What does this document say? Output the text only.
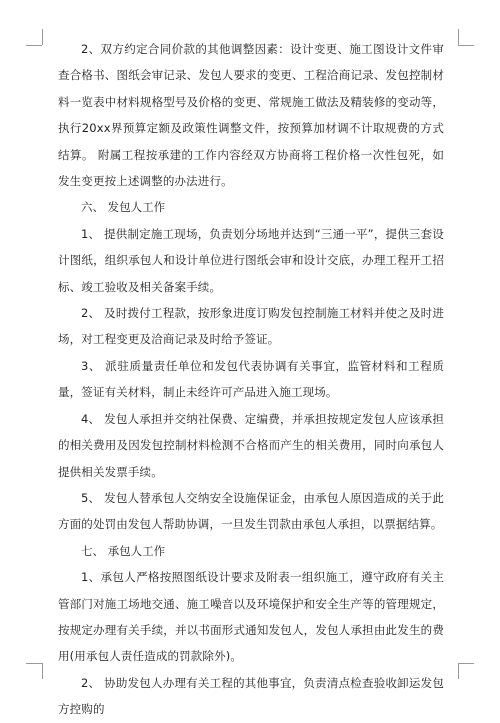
2、双方约定合同价款的其他调整因素：设计变更、施工图设计文件审查合格书、图纸会审记录、发包人要求的变更、工程洽商记录、发包控制材料一览表中材料规格型号及价格的变更、常规施工做法及精装修的变动等，执行20xx界预算定额及政策性调整文件，按预算加材调不计取规费的方式结算。 附属工程按承建的工作内容经双方协商将工程价格一次性包死，如发生变更按上述调整的办法进行。

六、 发包人工作

1、 提供制定施工现场，负责划分场地并达到“三通一平”，提供三套设计图纸，组织承包人和设计单位进行图纸会审和设计交底，办理工程开工招标、竣工验收及相关备案手续。

2、 及时拨付工程款，按形象进度订购发包控制施工材料并使之及时进场，对工程变更及洽商记录及时给予签证。

3、 派驻质量责任单位和发包代表协调有关事宜，监管材料和工程质量，签证有关材料，制止未经许可产品进入施工现场。

4、 发包人承担并交纳社保费、定编费，并承担按规定发包人应该承担的相关费用及因发包控制材料检测不合格而产生的相关费用，同时向承包人提供相关发票手续。

5、 发包人替承包人交纳安全设施保证金，由承包人原因造成的关于此方面的处罚由发包人帮助协调，一旦发生罚款由承包人承担，以票据结算。

七、 承包人工作

1、承包人严格按照图纸设计要求及附表一组织施工，遵守政府有关主管部门对施工场地交通、施工噪音以及环境保护和安全生产等的管理规定，按规定办理有关手续，并以书面形式通知发包人，发包人承担由此发生的费用(用承包人责任造成的罚款除外)。

2、 协助发包人办理有关工程的其他事宜，负责清点检查验收卸运发包方控购的
